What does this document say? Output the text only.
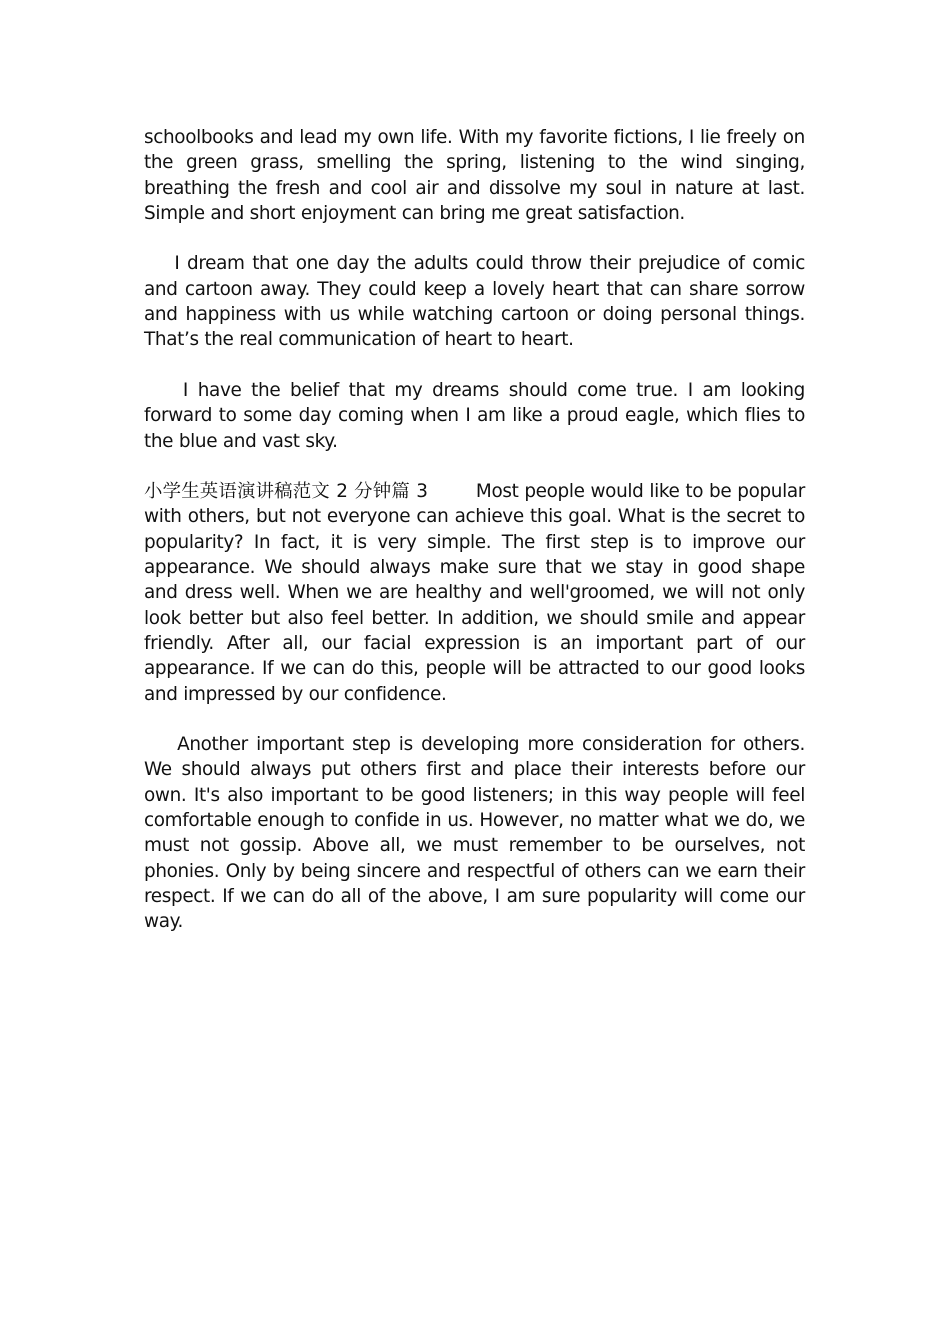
schoolbooks and lead my own life. With my favorite fictions, I lie freely on the green grass, smelling the spring, listening to the wind singing, breathing the fresh and cool air and dissolve my soul in nature at last. Simple and short enjoyment can bring me great satisfaction.

I dream that one day the adults could throw their prejudice of comic and cartoon away. They could keep a lovely heart that can share sorrow and happiness with us while watching cartoon or doing personal things. That’s the real communication of heart to heart.

I have the belief that my dreams should come true. I am looking forward to some day coming when I am like a proud eagle, which flies to the blue and vast sky.

小学生英语演讲稿范文 2 分钟篇 3	Most people would like to be popular with others, but not everyone can achieve this goal. What is the secret to popularity? In fact, it is very simple. The first step is to improve our appearance. We should always make sure that we stay in good shape and dress well. When we are healthy and well'groomed, we will not only look better but also feel better. In addition, we should smile and appear friendly. After all, our facial expression is an important part of our appearance. If we can do this, people will be attracted to our good looks and impressed by our confidence.

Another important step is developing more consideration for others. We should always put others first and place their interests before our own. It's also important to be good listeners; in this way people will feel comfortable enough to confide in us. However, no matter what we do, we must not gossip. Above all, we must remember to be ourselves, not phonies. Only by being sincere and respectful of others can we earn their respect. If we can do all of the above, I am sure popularity will come our way.
